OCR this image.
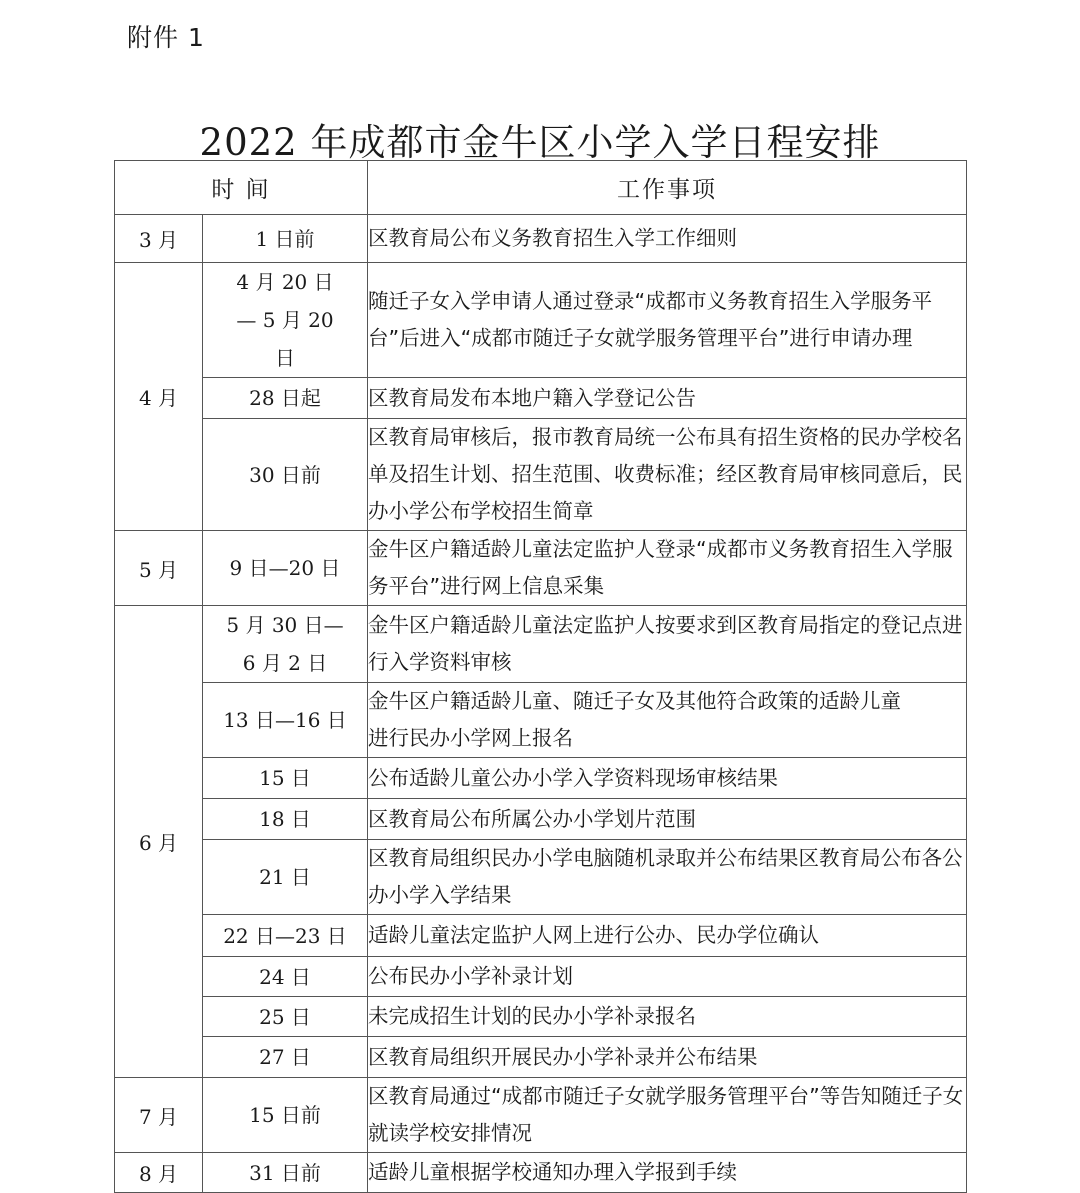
附件 1
2022 年成都市金牛区小学入学日程安排
时 间		工作事项
3 月	1 日前	区教育局公布义务教育招生入学工作细则
4 月	4 月 20 日— 5 月 20 日	随迁子女入学申请人通过登录“成都市义务教育招生入学服务平台”后进入“成都市随迁子女就学服务管理平台”进行申请办理
	28 日起	区教育局发布本地户籍入学登记公告
	30 日前	区教育局审核后，报市教育局统一公布具有招生资格的民办学校名单及招生计划、招生范围、收费标准；经区教育局审核同意后，民办小学公布学校招生简章
5 月	9 日—20 日	金牛区户籍适龄儿童法定监护人登录“成都市义务教育招生入学服务平台”进行网上信息采集
6 月	5 月 30 日— 6 月 2 日	金牛区户籍适龄儿童法定监护人按要求到区教育局指定的登记点进行入学资料审核
	13 日—16 日	金牛区户籍适龄儿童、随迁子女及其他符合政策的适龄儿童进行民办小学网上报名
	15 日	公布适龄儿童公办小学入学资料现场审核结果
	18 日	区教育局公布所属公办小学划片范围
	21 日	区教育局组织民办小学电脑随机录取并公布结果区教育局公布各公办小学入学结果
	22 日—23 日	适龄儿童法定监护人网上进行公办、民办学位确认
	24 日	公布民办小学补录计划
	25 日	未完成招生计划的民办小学补录报名
	27 日	区教育局组织开展民办小学补录并公布结果
7 月	15 日前	区教育局通过“成都市随迁子女就学服务管理平台”等告知随迁子女就读学校安排情况
8 月	31 日前	适龄儿童根据学校通知办理入学报到手续
